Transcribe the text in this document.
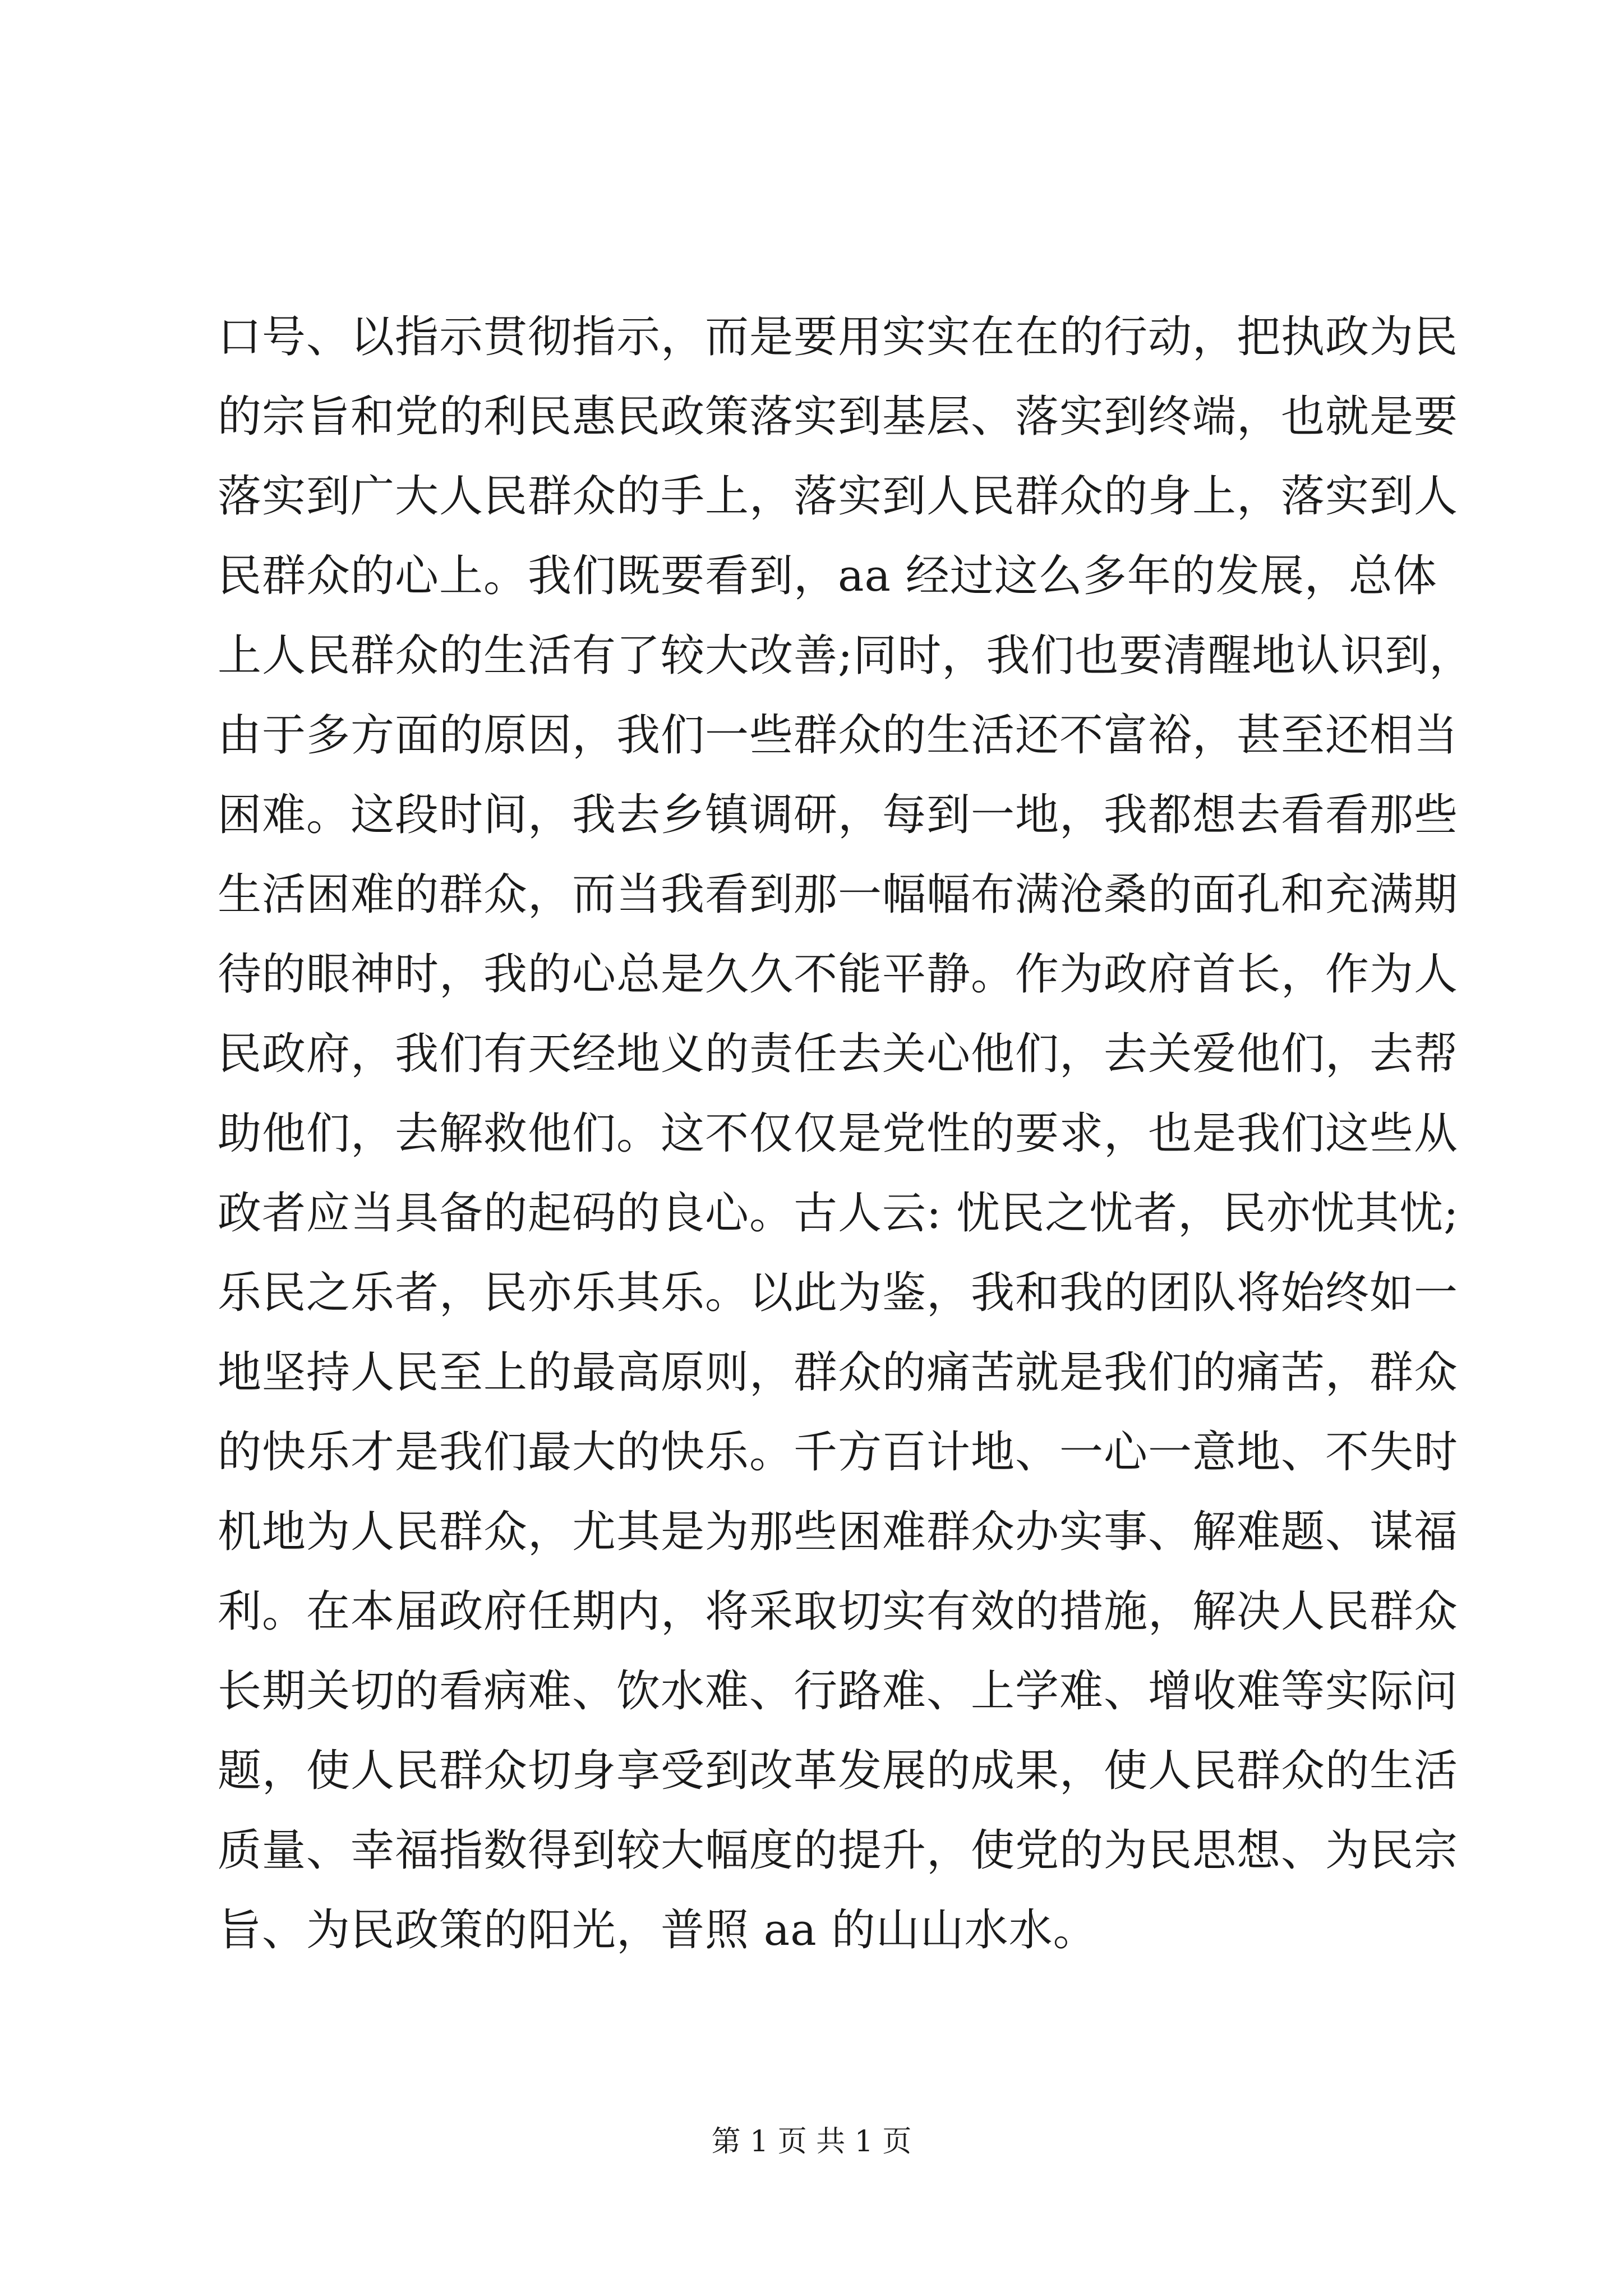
口号、以指示贯彻指示，而是要用实实在在的行动，把执政为民
的宗旨和党的利民惠民政策落实到基层、落实到终端，也就是要
落实到广大人民群众的手上，落实到人民群众的身上，落实到人
民群众的心上。我们既要看到，aa 经过这么多年的发展，总体
上人民群众的生活有了较大改善;同时，我们也要清醒地认识到，
由于多方面的原因，我们一些群众的生活还不富裕，甚至还相当
困难。这段时间，我去乡镇调研，每到一地，我都想去看看那些
生活困难的群众，而当我看到那一幅幅布满沧桑的面孔和充满期
待的眼神时，我的心总是久久不能平静。作为政府首长，作为人
民政府，我们有天经地义的责任去关心他们，去关爱他们，去帮
助他们，去解救他们。这不仅仅是党性的要求，也是我们这些从
政者应当具备的起码的良心。古人云: 忧民之忧者，民亦忧其忧;
乐民之乐者，民亦乐其乐。以此为鉴，我和我的团队将始终如一
地坚持人民至上的最高原则，群众的痛苦就是我们的痛苦，群众
的快乐才是我们最大的快乐。千方百计地、一心一意地、不失时
机地为人民群众，尤其是为那些困难群众办实事、解难题、谋福
利。在本届政府任期内，将采取切实有效的措施，解决人民群众
长期关切的看病难、饮水难、行路难、上学难、增收难等实际问
题，使人民群众切身享受到改革发展的成果，使人民群众的生活
质量、幸福指数得到较大幅度的提升，使党的为民思想、为民宗
旨、为民政策的阳光，普照 aa 的山山水水。
第 1 页 共 1 页
